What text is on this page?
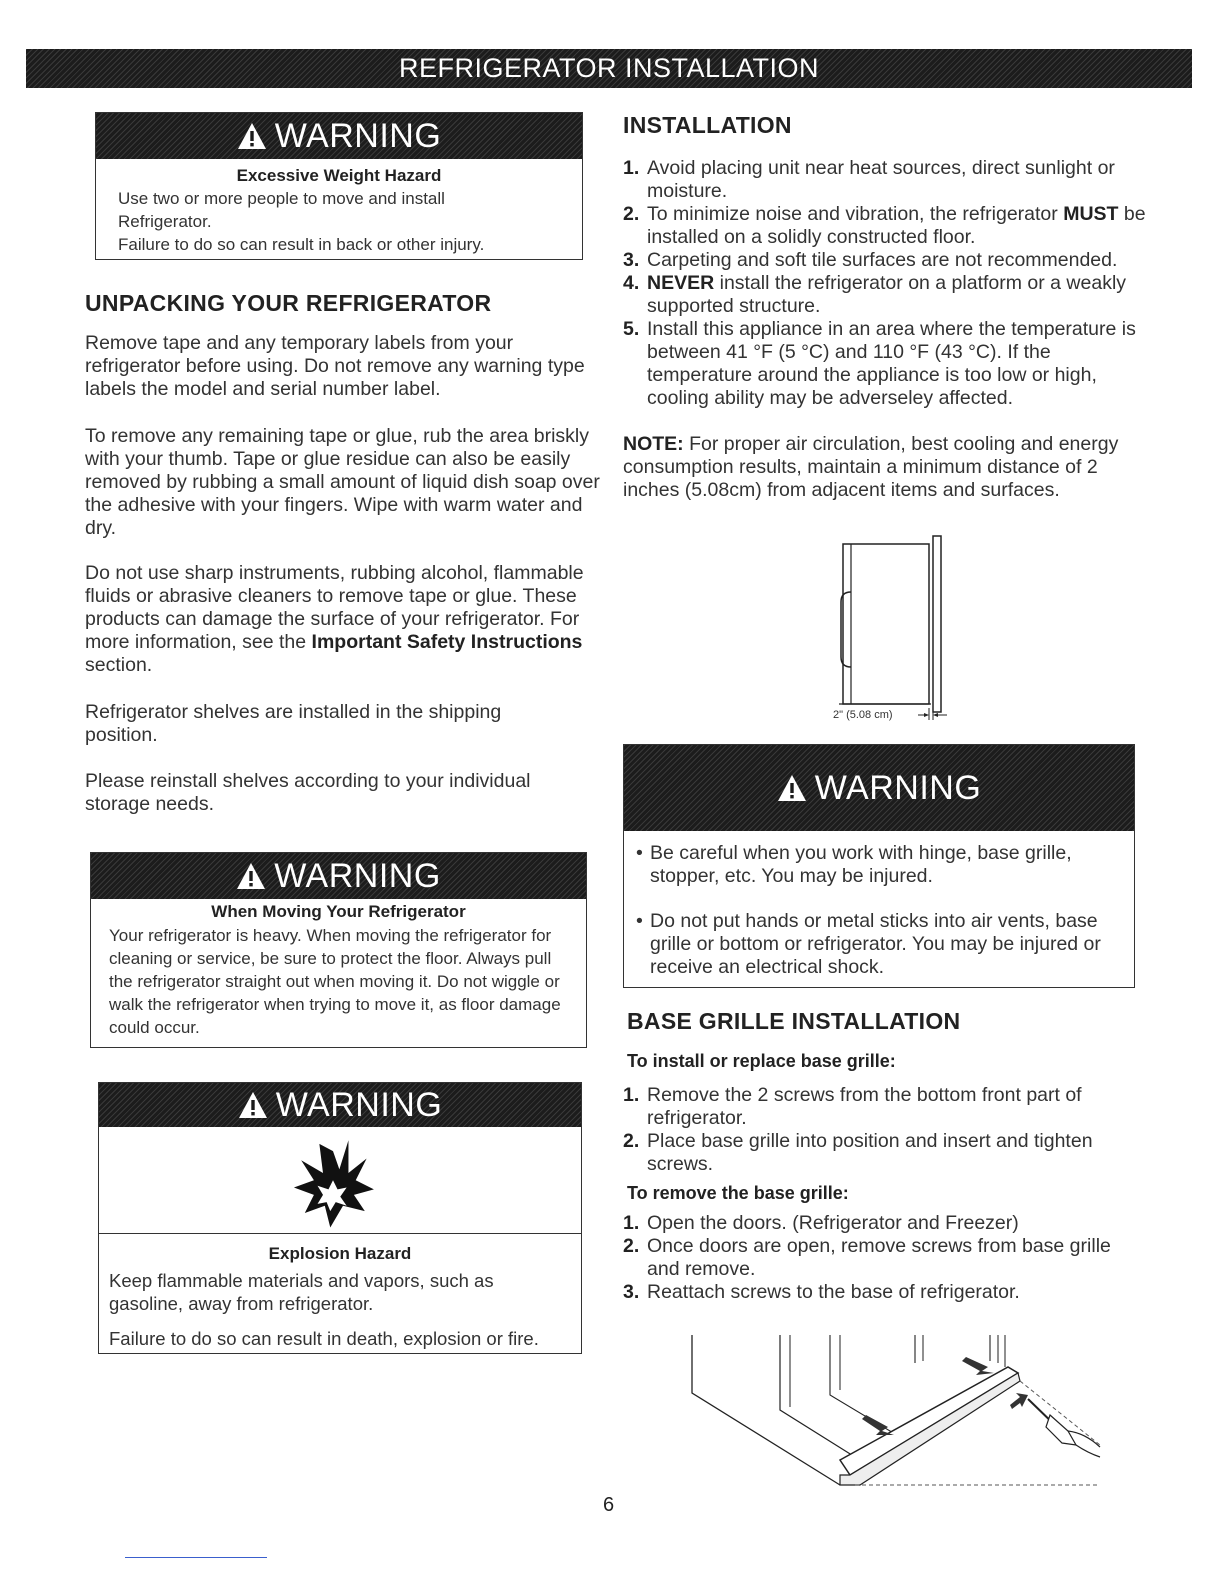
REFRIGERATOR INSTALLATION
WARNING
Excessive Weight Hazard
Use two or more people to move and install
Refrigerator.
Failure to do so can result in back or other injury.
UNPACKING YOUR REFRIGERATOR

Remove tape and any temporary labels from your refrigerator before using. Do not remove any warning type labels the model and serial number label.

To remove any remaining tape or glue, rub the area briskly with your thumb. Tape or glue residue can also be easily removed by rubbing a small amount of liquid dish soap over the adhesive with your fingers. Wipe with warm water and dry.

Do not use sharp instruments, rubbing alcohol, flammable fluids or abrasive cleaners to remove tape or glue. These products can damage the surface of your refrigerator. For more information, see the Important Safety Instructions section.

Refrigerator shelves are installed in the shipping position.

Please reinstall shelves according to your individual storage needs.

WARNING
When Moving Your Refrigerator
Your refrigerator is heavy. When moving the refrigerator for cleaning or service, be sure to protect the floor. Always pull the refrigerator straight out when moving it. Do not wiggle or walk the refrigerator when trying to move it, as floor damage could occur.
WARNING
Explosion Hazard
Keep flammable materials and vapors, such as gasoline, away from refrigerator.
Failure to do so can result in death, explosion or fire.
INSTALLATION
1. Avoid placing unit near heat sources, direct sunlight or moisture.
2. To minimize noise and vibration, the refrigerator MUST be installed on a solidly constructed floor.
3. Carpeting and soft tile surfaces are not recommended.
4. NEVER install the refrigerator on a platform or a weakly supported structure.
5. Install this appliance in an area where the temperature is between 41 °F (5 °C) and 110 °F (43 °C). If the temperature around the appliance is too low or high, cooling ability may be adverseley affected.

NOTE: For proper air circulation, best cooling and energy consumption results, maintain a minimum distance of 2 inches (5.08cm) from adjacent items and surfaces.

2" (5.08 cm)
WARNING
• Be careful when you work with hinge, base grille, stopper, etc. You may be injured.
• Do not put hands or metal sticks into air vents, base grille or bottom or refrigerator. You may be injured or receive an electrical shock.
BASE GRILLE INSTALLATION
To install or replace base grille:
1. Remove the 2 screws from the bottom front part of refrigerator.
2. Place base grille into position and insert and tighten screws.
To remove the base grille:
1. Open the doors. (Refrigerator and Freezer)
2. Once doors are open, remove screws from base grille and remove.
3. Reattach screws to the base of refrigerator.
6
